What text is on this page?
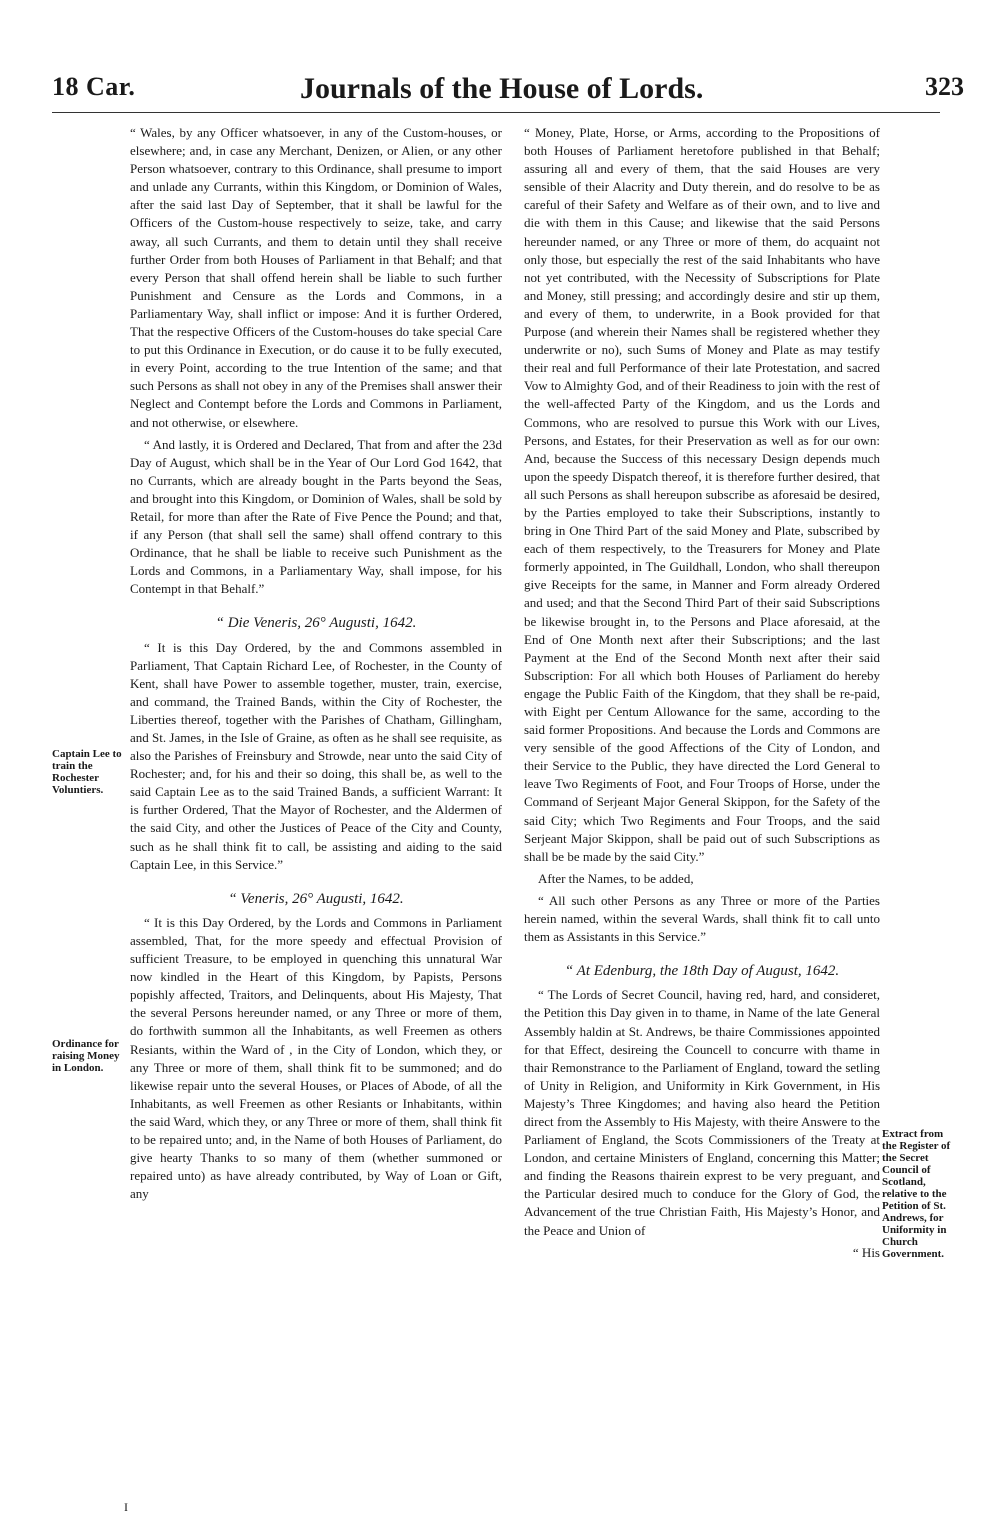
18 Car.	Journals of the House of Lords.	323
Captain Lee to train the Rochester Voluntiers.
Ordinance for raising Money in London.
Extract from the Register of the Secret Council of Scotland, relative to the Petition of St. Andrews, for Uniformity in Church Government.

“ Wales, by any Officer whatsoever, in any of the Custom-houses, or elsewhere; and, in case any Merchant, Denizen, or Alien, or any other Person whatsoever, contrary to this Ordinance, shall presume to import and unlade any Currants, within this Kingdom, or Dominion of Wales, after the said last Day of September, that it shall be lawful for the Officers of the Custom-house respectively to seize, take, and carry away, all such Currants, and them to detain until they shall receive further Order from both Houses of Parliament in that Behalf; and that every Person that shall offend herein shall be liable to such further Punishment and Censure as the Lords and Commons, in a Parliamentary Way, shall inflict or impose: And it is further Ordered, That the respective Officers of the Custom-houses do take special Care to put this Ordinance in Execution, or do cause it to be fully executed, in every Point, according to the true Intention of the same; and that such Persons as shall not obey in any of the Premises shall answer their Neglect and Contempt before the Lords and Commons in Parliament, and not otherwise, or elsewhere.

“ And lastly, it is Ordered and Declared, That from and after the 23d Day of August, which shall be in the Year of Our Lord God 1642, that no Currants, which are already bought in the Parts beyond the Seas, and brought into this Kingdom, or Dominion of Wales, shall be sold by Retail, for more than after the Rate of Five Pence the Pound; and that, if any Person (that shall sell the same) shall offend contrary to this Ordinance, that he shall be liable to receive such Punishment as the Lords and Commons, in a Parliamentary Way, shall impose, for his Contempt in that Behalf.”

“ Die Veneris, 26° Augusti, 1642.

“ It is this Day Ordered, by the and Commons assembled in Parliament, That Captain Richard Lee, of Rochester, in the County of Kent, shall have Power to assemble together, muster, train, exercise, and command, the Trained Bands, within the City of Rochester, the Liberties thereof, together with the Parishes of Chatham, Gillingham, and St. James, in the Isle of Graine, as often as he shall see requisite, as also the Parishes of Freinsbury and Strowde, near unto the said City of Rochester; and, for his and their so doing, this shall be, as well to the said Captain Lee as to the said Trained Bands, a sufficient Warrant: It is further Ordered, That the Mayor of Rochester, and the Aldermen of the said City, and other the Justices of Peace of the City and County, such as he shall think fit to call, be assisting and aiding to the said Captain Lee, in this Service.”

“ Veneris, 26° Augusti, 1642.

“ It is this Day Ordered, by the Lords and Commons in Parliament assembled, That, for the more speedy and effectual Provision of sufficient Treasure, to be employed in quenching this unnatural War now kindled in the Heart of this Kingdom, by Papists, Persons popishly affected, Traitors, and Delinquents, about His Majesty, That the several Persons hereunder named, or any Three or more of them, do forthwith summon all the Inhabitants, as well Freemen as others Resiants, within the Ward of , in the City of London, which they, or any Three or more of them, shall think fit to be summoned; and do likewise repair unto the several Houses, or Places of Abode, of all the Inhabitants, as well Freemen as other Resiants or Inhabitants, within the said Ward, which they, or any Three or more of them, shall think fit to be repaired unto; and, in the Name of both Houses of Parliament, do give hearty Thanks to so many of them (whether summoned or repaired unto) as have already contributed, by Way of Loan or Gift, any

“ Money, Plate, Horse, or Arms, according to the Propositions of both Houses of Parliament heretofore published in that Behalf; assuring all and every of them, that the said Houses are very sensible of their Alacrity and Duty therein, and do resolve to be as careful of their Safety and Welfare as of their own, and to live and die with them in this Cause; and likewise that the said Persons hereunder named, or any Three or more of them, do acquaint not only those, but especially the rest of the said Inhabitants who have not yet contributed, with the Necessity of Subscriptions for Plate and Money, still pressing; and accordingly desire and stir up them, and every of them, to underwrite, in a Book provided for that Purpose (and wherein their Names shall be registered whether they underwrite or no), such Sums of Money and Plate as may testify their real and full Performance of their late Protestation, and sacred Vow to Almighty God, and of their Readiness to join with the rest of the well-affected Party of the Kingdom, and us the Lords and Commons, who are resolved to pursue this Work with our Lives, Persons, and Estates, for their Preservation as well as for our own: And, because the Success of this necessary Design depends much upon the speedy Dispatch thereof, it is therefore further desired, that all such Persons as shall hereupon subscribe as aforesaid be desired, by the Parties employed to take their Subscriptions, instantly to bring in One Third Part of the said Money and Plate, subscribed by each of them respectively, to the Treasurers for Money and Plate formerly appointed, in The Guildhall, London, who shall thereupon give Receipts for the same, in Manner and Form already Ordered and used; and that the Second Third Part of their said Subscriptions be likewise brought in, to the Persons and Place aforesaid, at the End of One Month next after their Subscriptions; and the last Payment at the End of the Second Month next after their said Subscription: For all which both Houses of Parliament do hereby engage the Public Faith of the Kingdom, that they shall be re-paid, with Eight per Centum Allowance for the same, according to the said former Propositions. And because the Lords and Commons are very sensible of the good Affections of the City of London, and their Service to the Public, they have directed the Lord General to leave Two Regiments of Foot, and Four Troops of Horse, under the Command of Serjeant Major General Skippon, for the Safety of the said City; which Two Regiments and Four Troops, and the said Serjeant Major Skippon, shall be paid out of such Subscriptions as shall be be made by the said City.”

After the Names, to be added,

“ All such other Persons as any Three or more of the Parties herein named, within the several Wards, shall think fit to call unto them as Assistants in this Service.”

“ At Edenburg, the 18th Day of August, 1642.

“ The Lords of Secret Council, having red, hard, and consideret, the Petition this Day given in to thame, in Name of the late General Assembly haldin at St. Andrews, be thaire Commissiones appointed for that Effect, desireing the Councell to concurre with thame in thair Remonstrance to the Parliament of England, toward the setling of Unity in Religion, and Uniformity in Kirk Government, in His Majesty’s Three Kingdomes; and having also heard the Petition direct from the Assembly to His Majesty, with theire Answere to the Parliament of England, the Scots Commissioners of the Treaty at London, and certaine Ministers of England, concerning this Matter; and finding the Reasons thairein exprest to be very preguant, and the Particular desired much to conduce for the Glory of God, the Advancement of the true Christian Faith, His Majesty’s Honor, and the Peace and Union of

“ His

I
